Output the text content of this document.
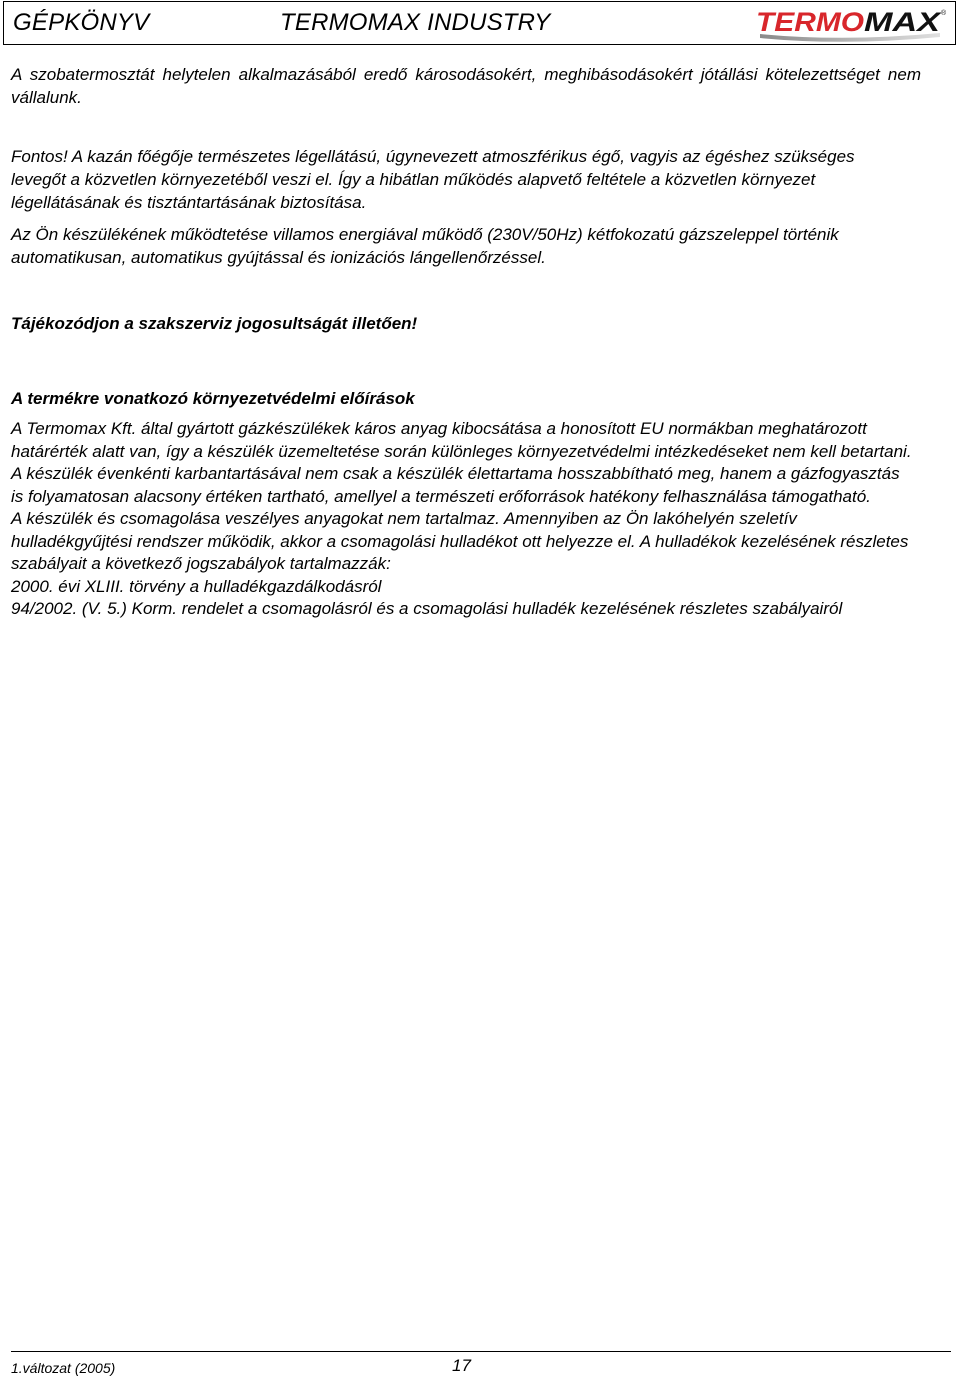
GÉPKÖNYV	TERMOMAX INDUSTRY	TERMO MAX
®

A szobatermosztát helytelen alkalmazásából eredő károsodásokért, meghibásodásokért jótállási kötelezettséget nem vállalunk.

Fontos! A kazán főégője természetes légellátású, úgynevezett atmoszférikus égő, vagyis az égéshez szükséges levegőt a közvetlen környezetéből veszi el. Így a hibátlan működés alapvető feltétele a közvetlen környezet légellátásának és tisztántartásának biztosítása.

Az Ön készülékének működtetése villamos energiával működő (230V/50Hz) kétfokozatú gázszeleppel történik automatikusan, automatikus gyújtással és ionizációs lángellenőrzéssel.

Tájékozódjon a szakszerviz jogosultságát illetően!

A termékre vonatkozó környezetvédelmi előírások

A Termomax Kft. által gyártott gázkészülékek káros anyag kibocsátása a honosított EU normákban meghatározott határérték alatt van, így a készülék üzemeltetése során különleges környezetvédelmi intézkedéseket nem kell betartani.

A készülék évenkénti karbantartásával nem csak a készülék élettartama hosszabbítható meg, hanem a gázfogyasztás is folyamatosan alacsony értéken tartható, amellyel a természeti erőforrások hatékony felhasználása támogatható.

A készülék és csomagolása veszélyes anyagokat nem tartalmaz. Amennyiben az Ön lakóhelyén szeletív hulladékgyűjtési rendszer működik, akkor a csomagolási hulladékot ott helyezze el. A hulladékok kezelésének részletes szabályait a következő jogszabályok tartalmazzák:

2000. évi XLIII. törvény a hulladékgazdálkodásról

94/2002. (V. 5.) Korm. rendelet a csomagolásról és a csomagolási hulladék kezelésének részletes szabályairól

1.változat (2005)	17
